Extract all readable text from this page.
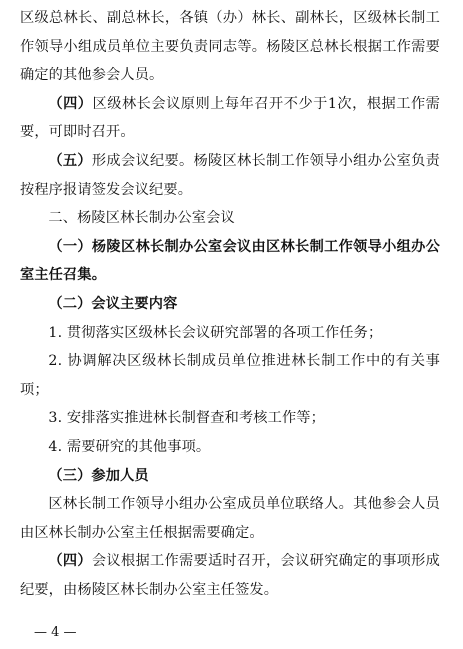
区级总林长、副总林长，各镇（办）林长、副林长，区级林长制工作领导小组成员单位主要负责同志等。杨陵区总林长根据工作需要确定的其他参会人员。

（四）区级林长会议原则上每年召开不少于1次，根据工作需要，可即时召开。

（五）形成会议纪要。杨陵区林长制工作领导小组办公室负责按程序报请签发会议纪要。

二、杨陵区林长制办公室会议

（一）杨陵区林长制办公室会议由区林长制工作领导小组办公室主任召集。

（二）会议主要内容

1. 贯彻落实区级林长会议研究部署的各项工作任务；

2. 协调解决区级林长制成员单位推进林长制工作中的有关事项；

3. 安排落实推进林长制督查和考核工作等；

4. 需要研究的其他事项。

（三）参加人员

区林长制工作领导小组办公室成员单位联络人。其他参会人员由区林长制办公室主任根据需要确定。

（四）会议根据工作需要适时召开，会议研究确定的事项形成纪要，由杨陵区林长制办公室主任签发。

— 4 —
